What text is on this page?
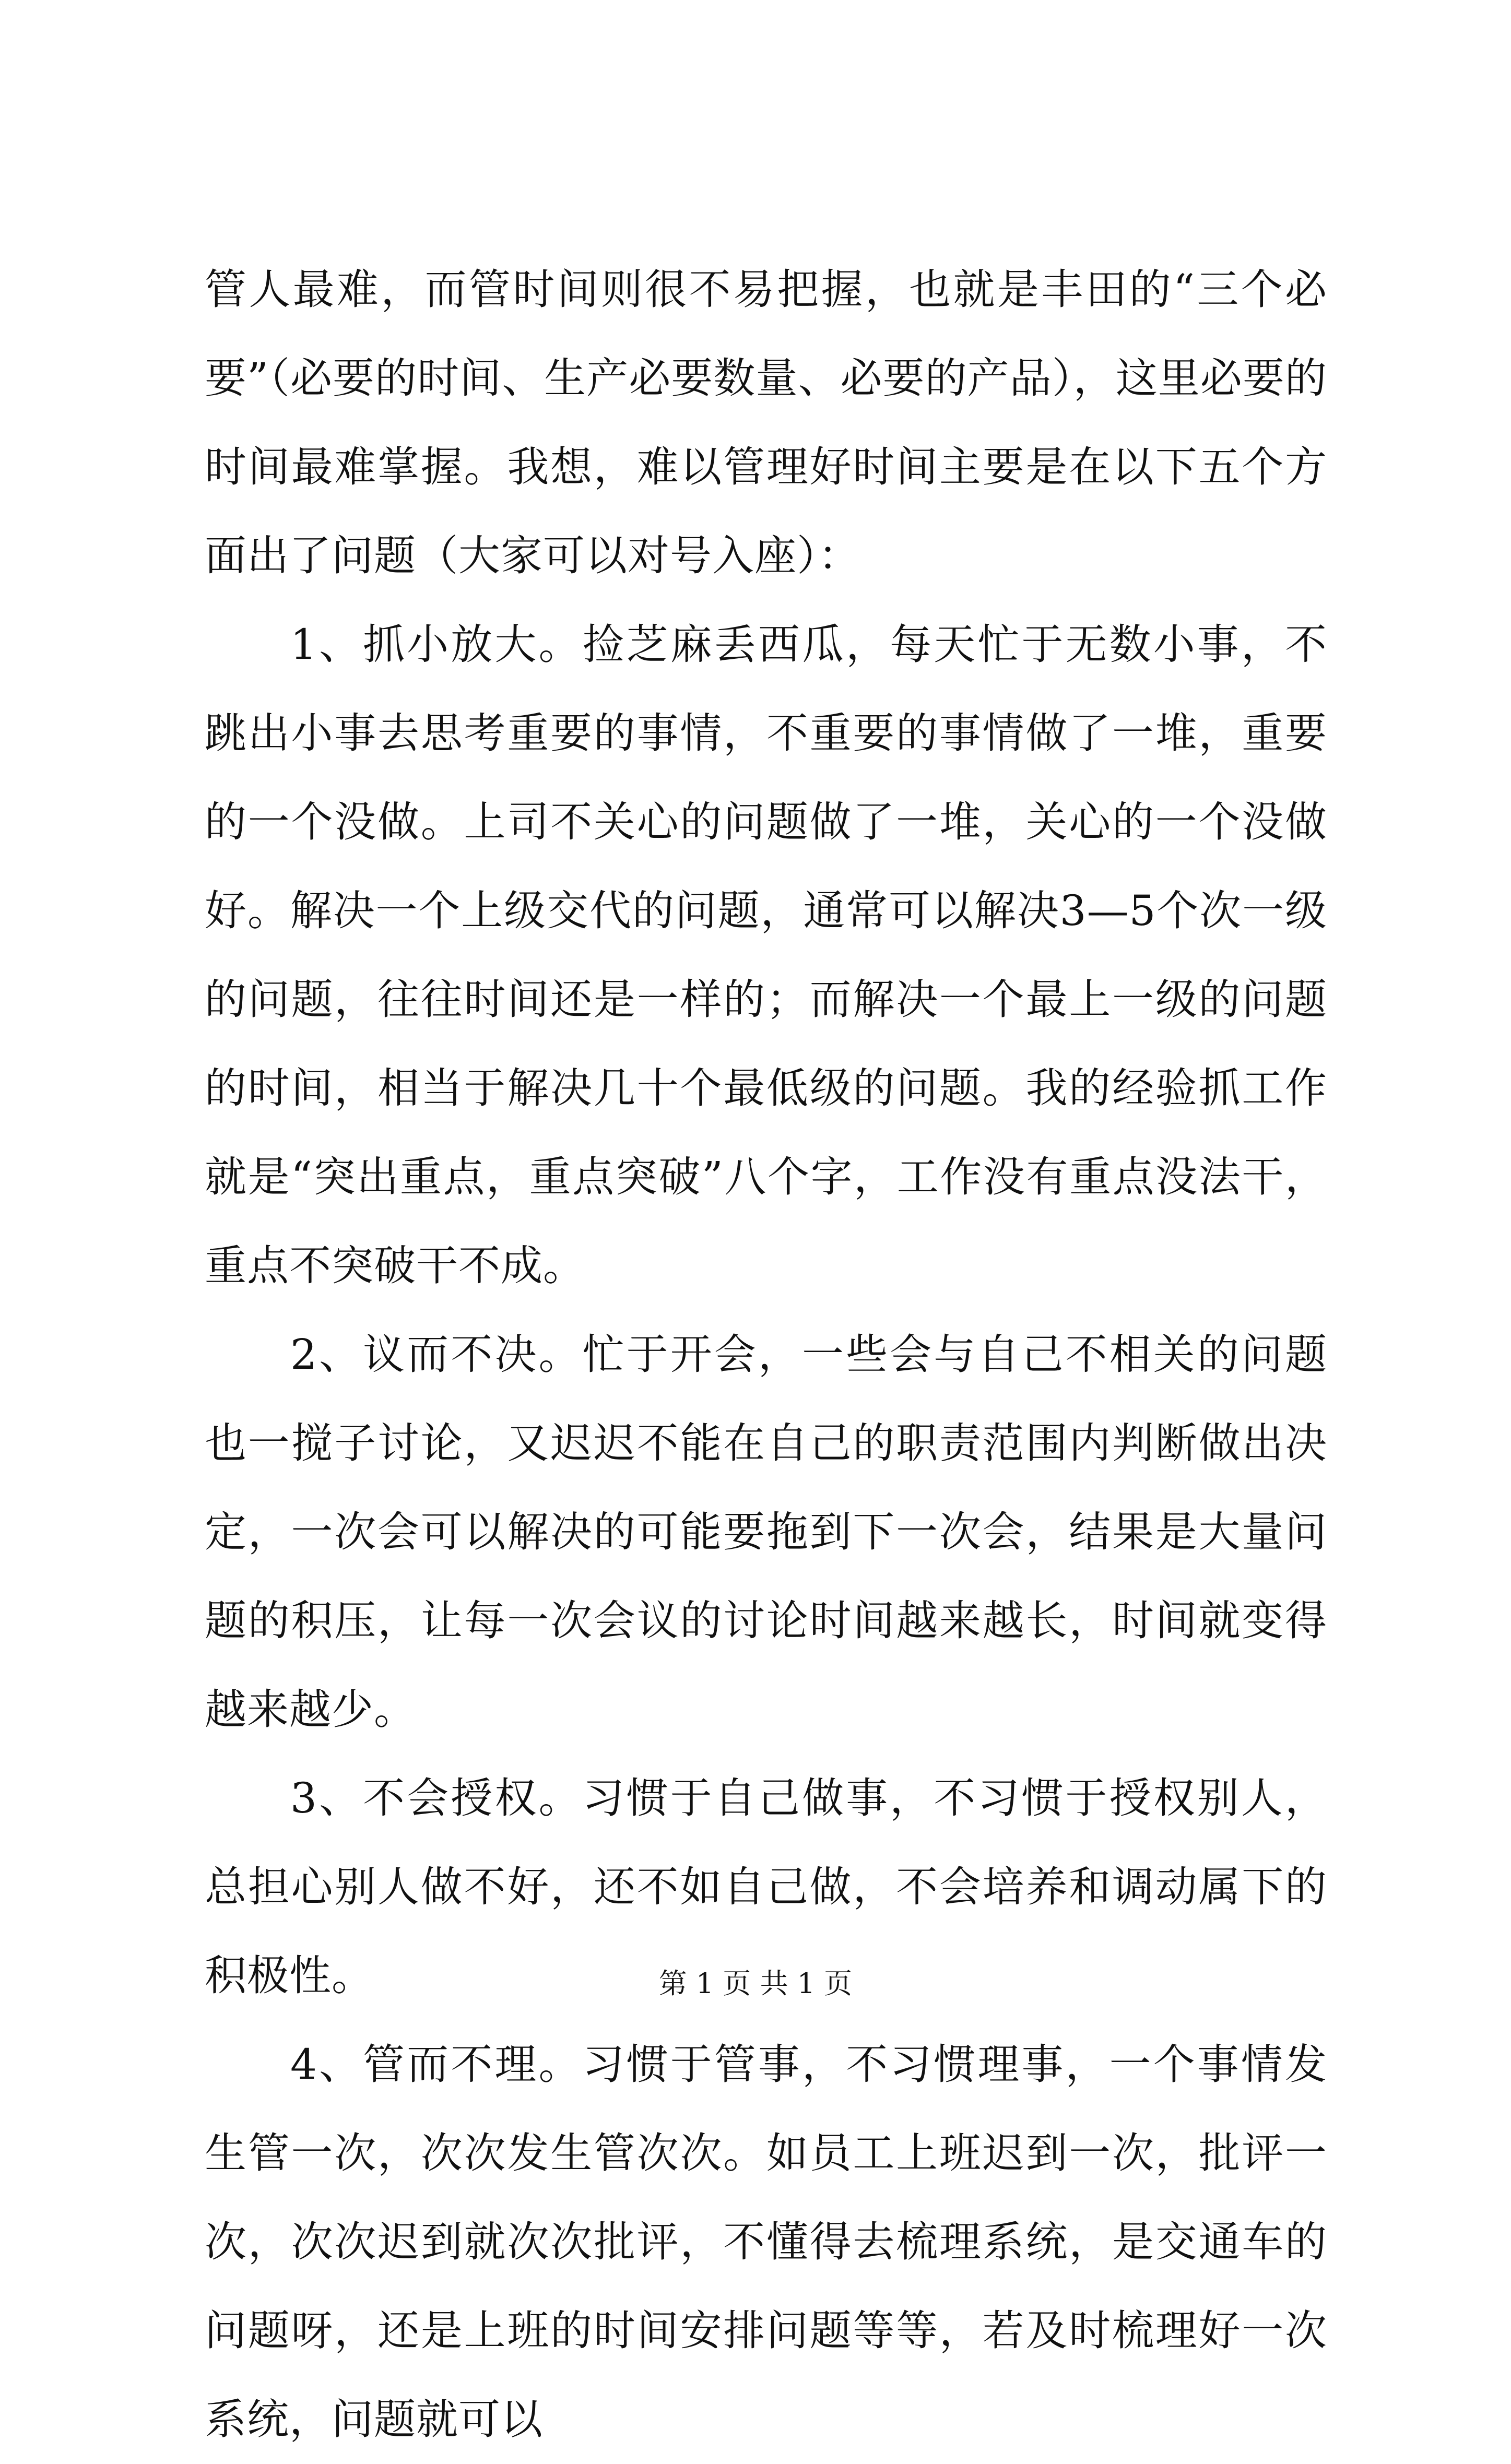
管人最难，而管时间则很不易把握，也就是丰田的“三个必要”（必要的时间、生产必要数量、必要的产品），这里必要的时间最难掌握。我想，难以管理好时间主要是在以下五个方面出了问题（大家可以对号入座）：

1、抓小放大。捡芝麻丢西瓜，每天忙于无数小事，不跳出小事去思考重要的事情，不重要的事情做了一堆，重要的一个没做。上司不关心的问题做了一堆，关心的一个没做好。解决一个上级交代的问题，通常可以解决3—5个次一级的问题，往往时间还是一样的；而解决一个最上一级的问题的时间，相当于解决几十个最低级的问题。我的经验抓工作就是“突出重点，重点突破”八个字，工作没有重点没法干，重点不突破干不成。

2、议而不决。忙于开会，一些会与自己不相关的问题也一搅子讨论，又迟迟不能在自己的职责范围内判断做出决定，一次会可以解决的可能要拖到下一次会，结果是大量问题的积压，让每一次会议的讨论时间越来越长，时间就变得越来越少。

3、不会授权。习惯于自己做事，不习惯于授权别人，总担心别人做不好，还不如自己做，不会培养和调动属下的积极性。

4、管而不理。习惯于管事，不习惯理事，一个事情发生管一次，次次发生管次次。如员工上班迟到一次，批评一次，次次迟到就次次批评，不懂得去梳理系统，是交通车的问题呀，还是上班的时间安排问题等等，若及时梳理好一次系统，问题就可以

第 1 页 共 1 页
